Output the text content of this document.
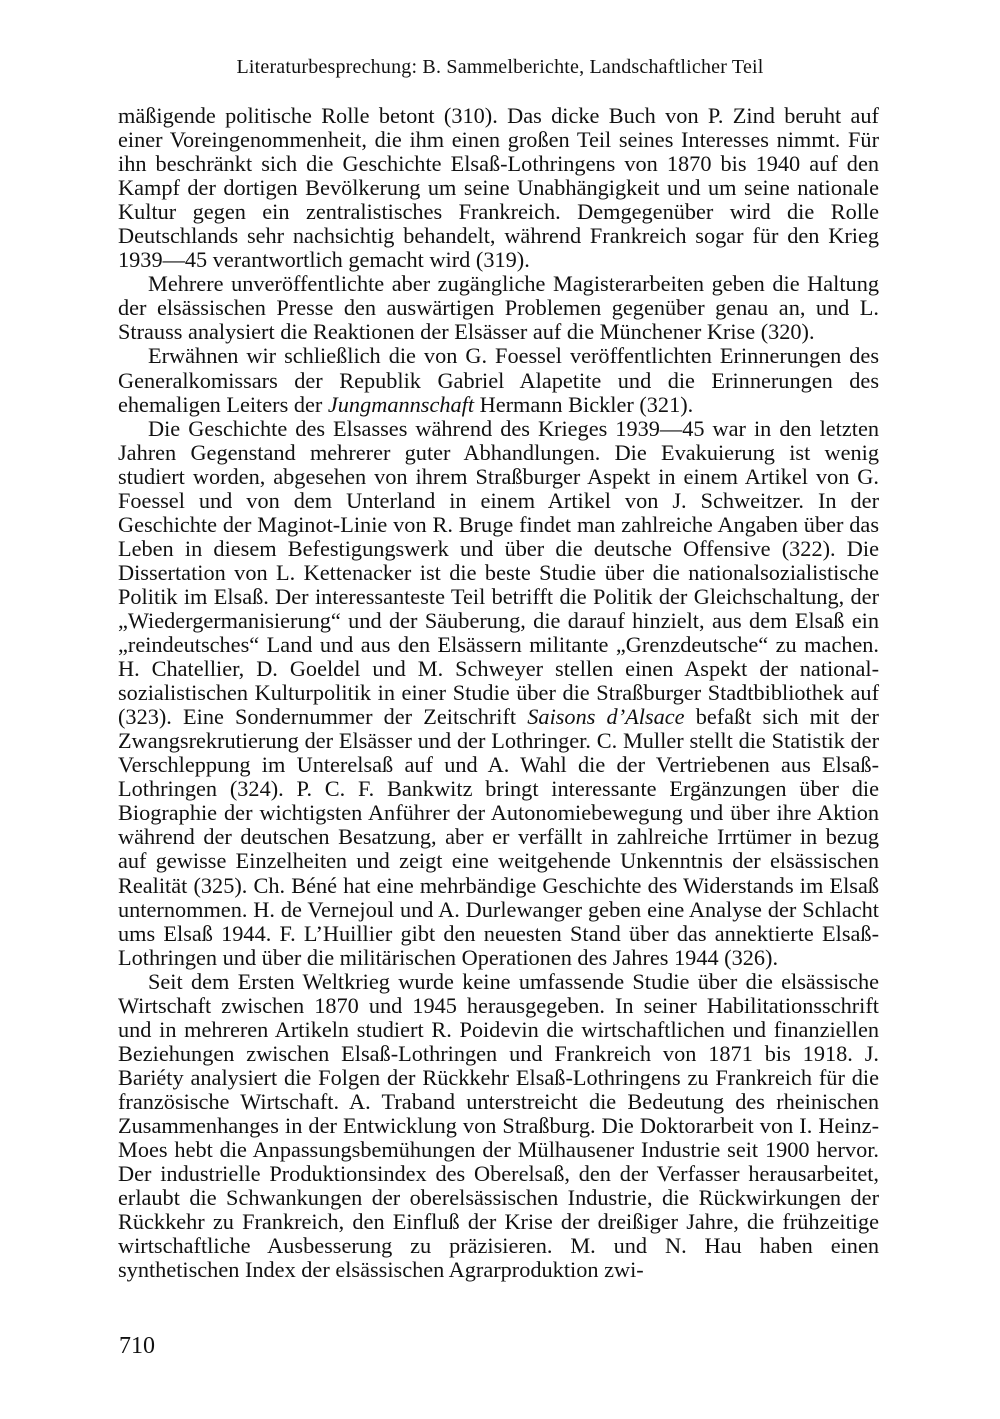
Literaturbesprechung: B. Sammelberichte, Landschaftlicher Teil

mäßigende politische Rolle betont (310). Das dicke Buch von P. Zind beruht auf einer Voreingenommenheit, die ihm einen großen Teil seines Interesses nimmt. Für ihn beschränkt sich die Geschichte Elsaß-Lothringens von 1870 bis 1940 auf den Kampf der dortigen Bevölkerung um seine Unabhängigkeit und um seine nationale Kultur gegen ein zentralistisches Frankreich. Demgegenüber wird die Rolle Deutschlands sehr nachsichtig behandelt, während Frankreich sogar für den Krieg 1939—45 verantwortlich gemacht wird (319).

Mehrere unveröffentlichte aber zugängliche Magisterarbeiten geben die Haltung der elsässischen Presse den auswärtigen Problemen gegenüber genau an, und L. Strauss analysiert die Reaktionen der Elsässer auf die Münchener Krise (320).

Erwähnen wir schließlich die von G. Foessel veröffentlichten Erinnerungen des Generalkomissars der Republik Gabriel Alapetite und die Erinnerungen des ehemaligen Leiters der Jungmannschaft Hermann Bickler (321).

Die Geschichte des Elsasses während des Krieges 1939—45 war in den letzten Jahren Gegenstand mehrerer guter Abhandlungen. Die Evakuierung ist wenig studiert worden, abgesehen von ihrem Straßburger Aspekt in einem Artikel von G. Foessel und von dem Unterland in einem Artikel von J. Schweitzer. In der Geschichte der Maginot-Linie von R. Bruge findet man zahlreiche Angaben über das Leben in diesem Befestigungswerk und über die deutsche Offensive (322). Die Dissertation von L. Kettenacker ist die beste Studie über die nationalsozialistische Politik im Elsaß. Der interessanteste Teil betrifft die Politik der Gleichschaltung, der „Wiedergermanisierung“ und der Säuberung, die darauf hinzielt, aus dem Elsaß ein „reindeutsches“ Land und aus den Elsässern militante „Grenzdeutsche“ zu machen. H. Chatellier, D. Goeldel und M. Schweyer stellen einen Aspekt der national-sozialistischen Kulturpolitik in einer Studie über die Straßburger Stadtbibliothek auf (323). Eine Sondernummer der Zeitschrift Saisons d’Alsace befaßt sich mit der Zwangsrekrutierung der Elsässer und der Lothringer. C. Muller stellt die Statistik der Verschleppung im Unterelsaß auf und A. Wahl die der Vertriebenen aus Elsaß-Lothringen (324). P. C. F. Bankwitz bringt interessante Ergänzungen über die Biographie der wichtigsten Anführer der Autonomiebewegung und über ihre Aktion während der deutschen Besatzung, aber er verfällt in zahlreiche Irrtümer in bezug auf gewisse Einzelheiten und zeigt eine weitgehende Unkenntnis der elsässischen Realität (325). Ch. Béné hat eine mehrbändige Geschichte des Widerstands im Elsaß unternommen. H. de Vernejoul und A. Durlewanger geben eine Analyse der Schlacht ums Elsaß 1944. F. L’Huillier gibt den neuesten Stand über das annektierte Elsaß-Lothringen und über die militärischen Operationen des Jahres 1944 (326).

Seit dem Ersten Weltkrieg wurde keine umfassende Studie über die elsässische Wirtschaft zwischen 1870 und 1945 herausgegeben. In seiner Habilitationsschrift und in mehreren Artikeln studiert R. Poidevin die wirtschaftlichen und finanziellen Beziehungen zwischen Elsaß-Lothringen und Frankreich von 1871 bis 1918. J. Bariéty analysiert die Folgen der Rückkehr Elsaß-Lothringens zu Frankreich für die französische Wirtschaft. A. Traband unterstreicht die Bedeutung des rheinischen Zusammenhanges in der Entwicklung von Straßburg. Die Doktorarbeit von I. Heinz-Moes hebt die Anpassungsbemühungen der Mülhausener Industrie seit 1900 hervor. Der industrielle Produktionsindex des Oberelsaß, den der Verfasser herausarbeitet, erlaubt die Schwankungen der oberelsässischen Industrie, die Rückwirkungen der Rückkehr zu Frankreich, den Einfluß der Krise der dreißiger Jahre, die frühzeitige wirtschaftliche Ausbesserung zu präzisieren. M. und N. Hau haben einen synthetischen Index der elsässischen Agrarproduktion zwi-

710
